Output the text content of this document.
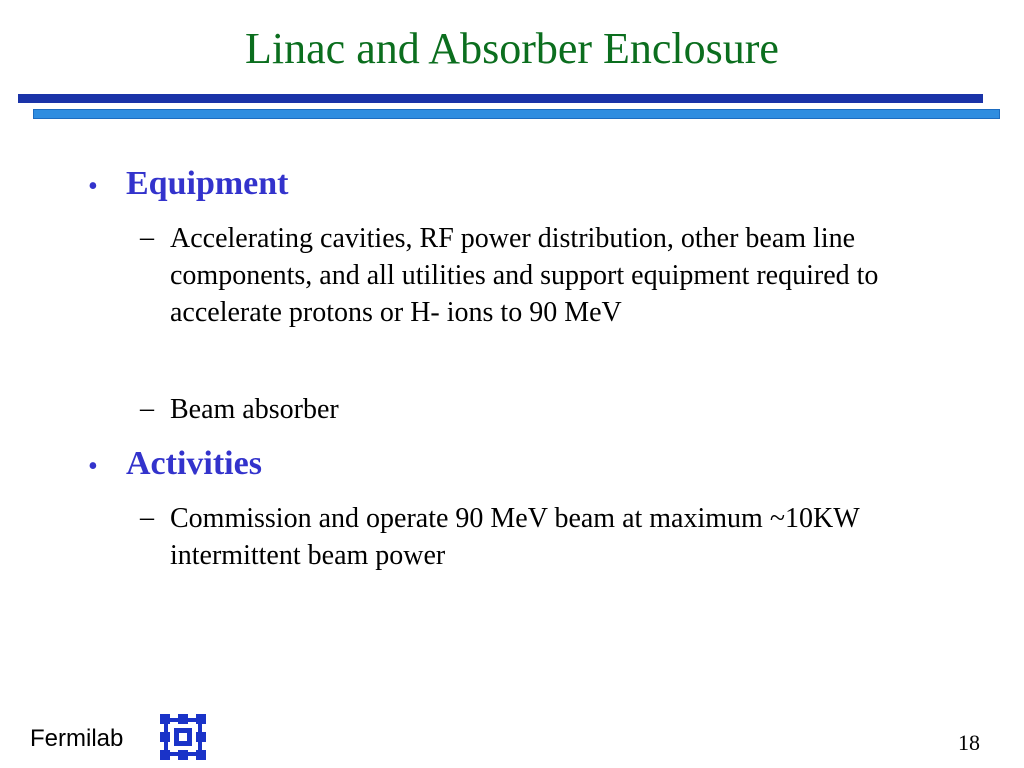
Linac and Absorber Enclosure
• Equipment
– Accelerating cavities, RF power distribution, other beam line components, and all utilities and support equipment required to accelerate protons or H- ions to 90 MeV
– Beam absorber
• Activities
– Commission and operate 90 MeV beam at maximum ~10KW intermittent beam power
Fermilab	18
